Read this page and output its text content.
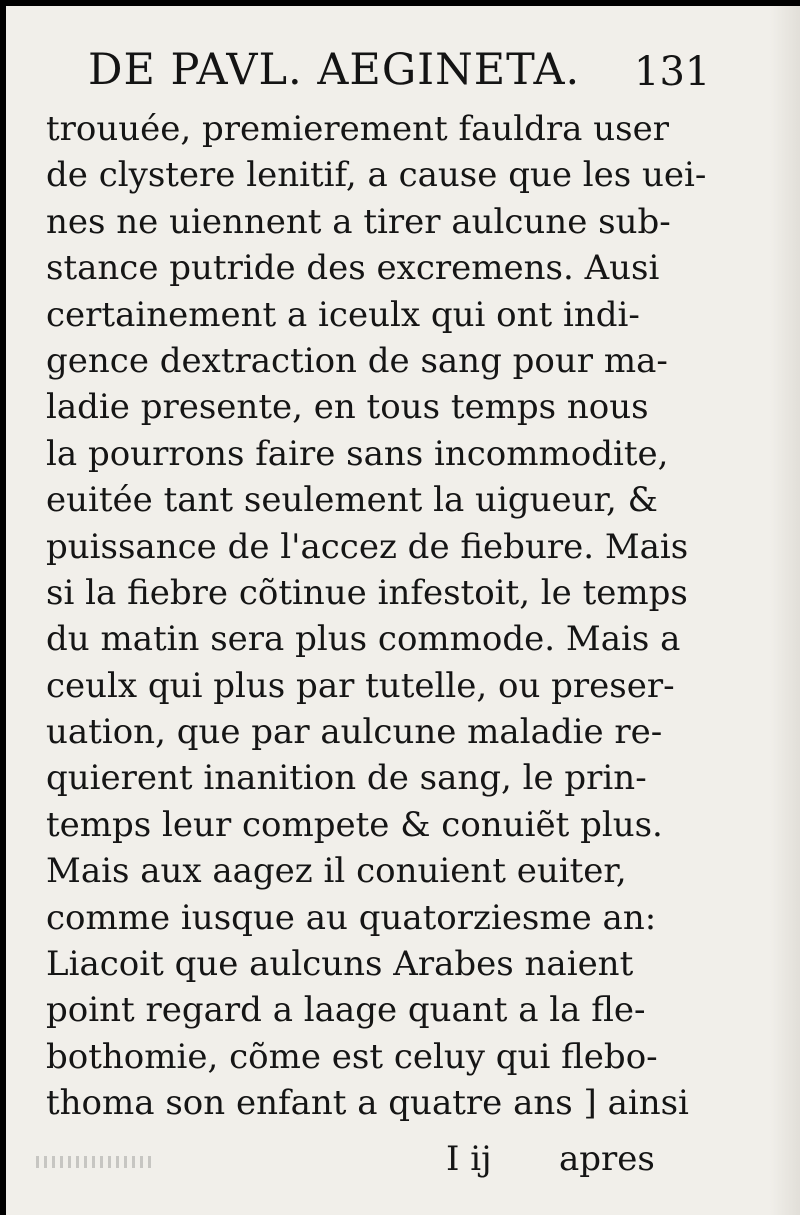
DE PAVL. AEGINETA. 131
trouuée, premierement fauldra user
de clystere lenitif, a cause que les uei-
nes ne uiennent a tirer aulcune sub-
stance putride des excremens. Ausi
certainement a iceulx qui ont indi-
gence dextraction de sang pour ma-
ladie presente, en tous temps nous
la pourrons faire sans incommodite,
euitée tant seulement la uigueur, &
puissance de l'accez de fiebure. Mais
si la fiebre cõtinue infestoit, le temps
du matin sera plus commode. Mais a
ceulx qui plus par tutelle, ou preser-
uation, que par aulcune maladie re-
quierent inanition de sang, le prin-
temps leur compete & conuiẽt plus.
Mais aux aagez il conuient euiter,
comme iusque au quatorziesme an:
Liacoit que aulcuns Arabes naient
point regard a laage quant a la fle-
bothomie, cõme est celuy qui flebo-
thoma son enfant a quatre ans ] ainsi
I ij apres
